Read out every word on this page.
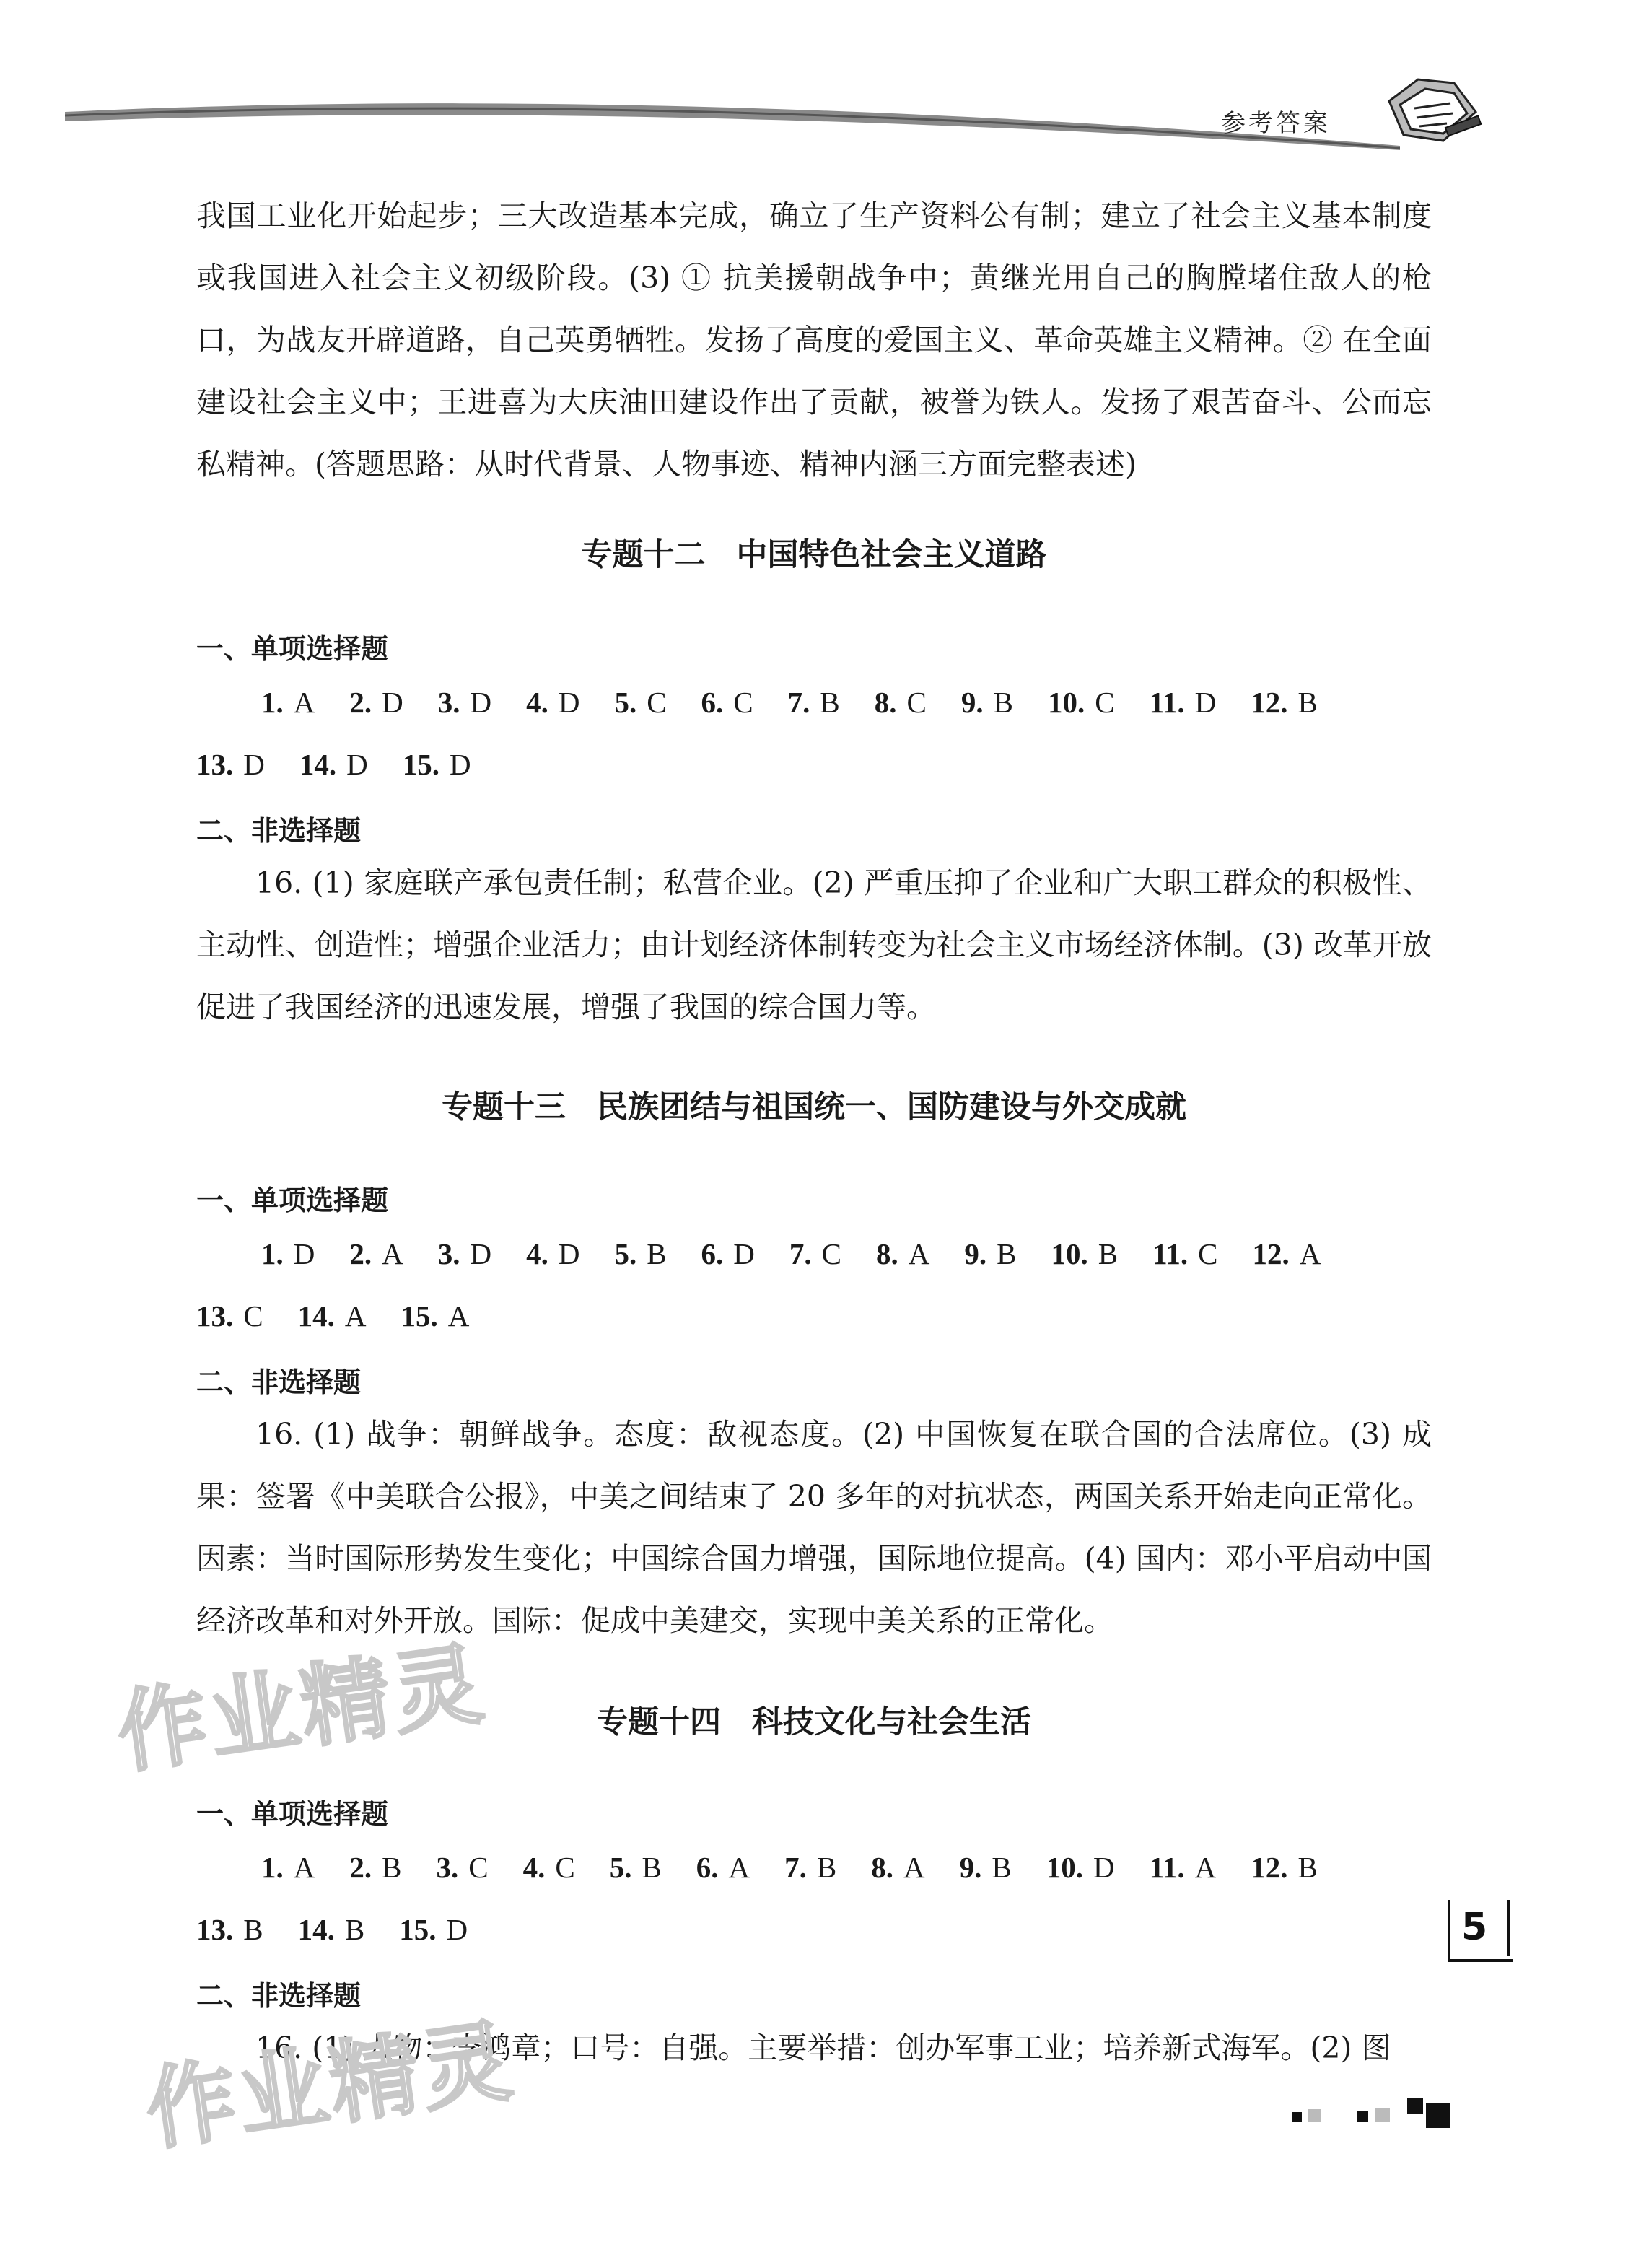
参考答案
我国工业化开始起步；三大改造基本完成，确立了生产资料公有制；建立了社会主义基本制度或我国进入社会主义初级阶段。(3) ① 抗美援朝战争中；黄继光用自己的胸膛堵住敌人的枪口，为战友开辟道路，自己英勇牺牲。发扬了高度的爱国主义、革命英雄主义精神。② 在全面建设社会主义中；王进喜为大庆油田建设作出了贡献，被誉为铁人。发扬了艰苦奋斗、公而忘私精神。(答题思路：从时代背景、人物事迹、精神内涵三方面完整表述)
专题十二　中国特色社会主义道路
一、单项选择题
1. A 2. D 3. D 4. D 5. C 6. C 7. B 8. C 9. B 10. C 11. D 12. B
13. D 14. D 15. D
二、非选择题
16. (1) 家庭联产承包责任制；私营企业。(2) 严重压抑了企业和广大职工群众的积极性、主动性、创造性；增强企业活力；由计划经济体制转变为社会主义市场经济体制。(3) 改革开放促进了我国经济的迅速发展，增强了我国的综合国力等。
专题十三　民族团结与祖国统一、国防建设与外交成就
一、单项选择题
1. D 2. A 3. D 4. D 5. B 6. D 7. C 8. A 9. B 10. B 11. C 12. A
13. C 14. A 15. A
二、非选择题
16. (1) 战争：朝鲜战争。态度：敌视态度。(2) 中国恢复在联合国的合法席位。(3) 成果：签署《中美联合公报》，中美之间结束了 20 多年的对抗状态，两国关系开始走向正常化。因素：当时国际形势发生变化；中国综合国力增强，国际地位提高。(4) 国内：邓小平启动中国经济改革和对外开放。国际：促成中美建交，实现中美关系的正常化。
专题十四　科技文化与社会生活
一、单项选择题
1. A 2. B 3. C 4. C 5. B 6. A 7. B 8. A 9. B 10. D 11. A 12. B
13. B 14. B 15. D
二、非选择题
16. (1) 人物：李鸿章；口号：自强。主要举措：创办军事工业；培养新式海军。(2) 图
作业精灵
作业精灵
5
